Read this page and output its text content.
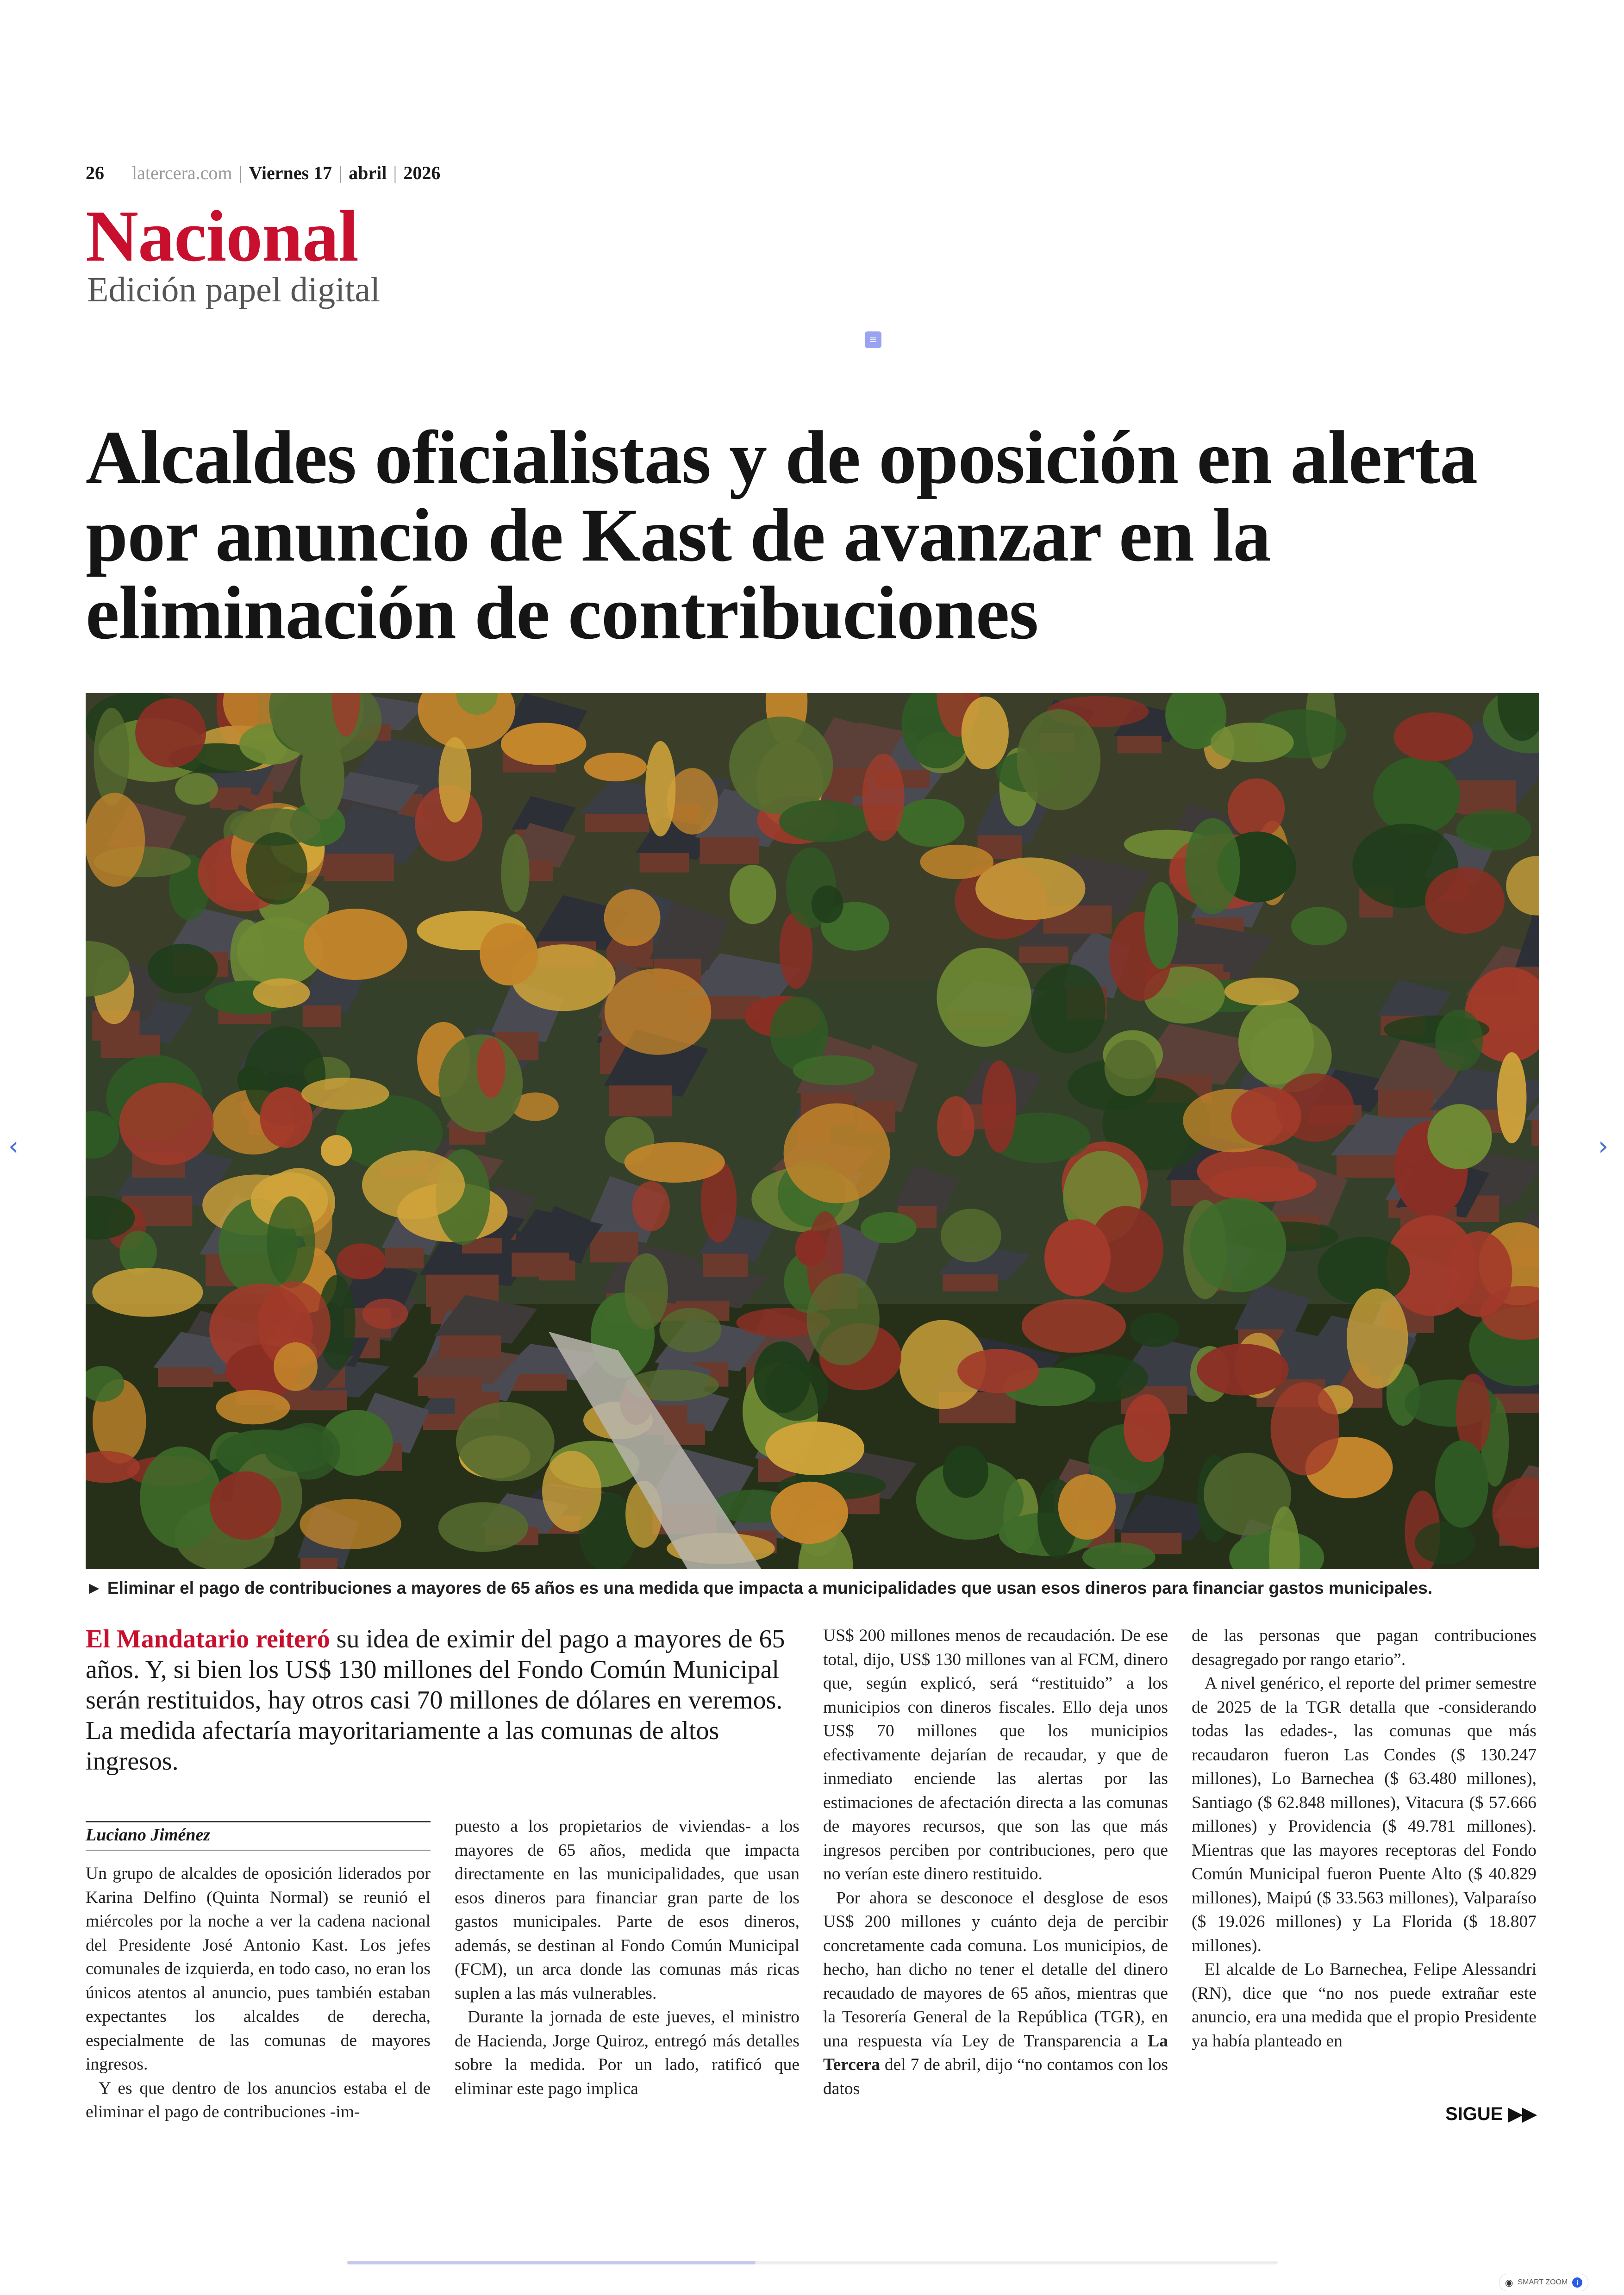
26 latercera.com | Viernes 17 | abril | 2026
Nacional
Edición papel digital
≡
Alcaldes oficialistas y de oposición en alerta por anuncio de Kast de avanzar en la eliminación de contribuciones
► Eliminar el pago de contribuciones a mayores de 65 años es una medida que impacta a municipalidades que usan esos dineros para financiar gastos municipales.

El Mandatario reiteró su idea de eximir del pago a mayores de 65 años. Y, si bien los US$ 130 millones del Fondo Común Municipal serán restituidos, hay otros casi 70 millones de dólares en veremos. La medida afectaría mayoritariamente a las comunas de altos ingresos.

Luciano Jiménez

Un grupo de alcaldes de oposición liderados por Karina Delfino (Quinta Normal) se reunió el miércoles por la noche a ver la cadena nacional del Presidente José Antonio Kast. Los jefes comunales de izquierda, en todo caso, no eran los únicos atentos al anuncio, pues también estaban expectantes los alcaldes de derecha, especialmente de las comunas de mayores ingresos.

Y es que dentro de los anuncios estaba el de eliminar el pago de contribuciones -im-

puesto a los propietarios de viviendas- a los mayores de 65 años, medida que impacta directamente en las municipalidades, que usan esos dineros para financiar gran parte de los gastos municipales. Parte de esos dineros, además, se destinan al Fondo Común Municipal (FCM), un arca donde las comunas más ricas suplen a las más vulnerables.

Durante la jornada de este jueves, el ministro de Hacienda, Jorge Quiroz, entregó más detalles sobre la medida. Por un lado, ratificó que eliminar este pago implica

US$ 200 millones menos de recaudación. De ese total, dijo, US$ 130 millones van al FCM, dinero que, según explicó, será “restituido” a los municipios con dineros fiscales. Ello deja unos US$ 70 millones que los municipios efectivamente dejarían de recaudar, y que de inmediato enciende las alertas por las estimaciones de afectación directa a las comunas de mayores recursos, que son las que más ingresos perciben por contribuciones, pero que no verían este dinero restituido.

Por ahora se desconoce el desglose de esos US$ 200 millones y cuánto deja de percibir concretamente cada comuna. Los municipios, de hecho, han dicho no tener el detalle del dinero recaudado de mayores de 65 años, mientras que la Tesorería General de la República (TGR), en una respuesta vía Ley de Transparencia a La Tercera del 7 de abril, dijo “no contamos con los datos

de las personas que pagan contribuciones desagregado por rango etario”.

A nivel genérico, el reporte del primer semestre de 2025 de la TGR detalla que -considerando todas las edades-, las comunas que más recaudaron fueron Las Condes ($ 130.247 millones), Lo Barnechea ($ 63.480 millones), Santiago ($ 62.848 millones), Vitacura ($ 57.666 millones) y Providencia ($ 49.781 millones). Mientras que las mayores receptoras del Fondo Común Municipal fueron Puente Alto ($ 40.829 millones), Maipú ($ 33.563 millones), Valparaíso ($ 19.026 millones) y La Florida ($ 18.807 millones).

El alcalde de Lo Barnechea, Felipe Alessandri (RN), dice que “no nos puede extrañar este anuncio, era una medida que el propio Presidente ya había planteado en

SIGUE ▶▶
‹	›
◉ SMART ZOOM	i
